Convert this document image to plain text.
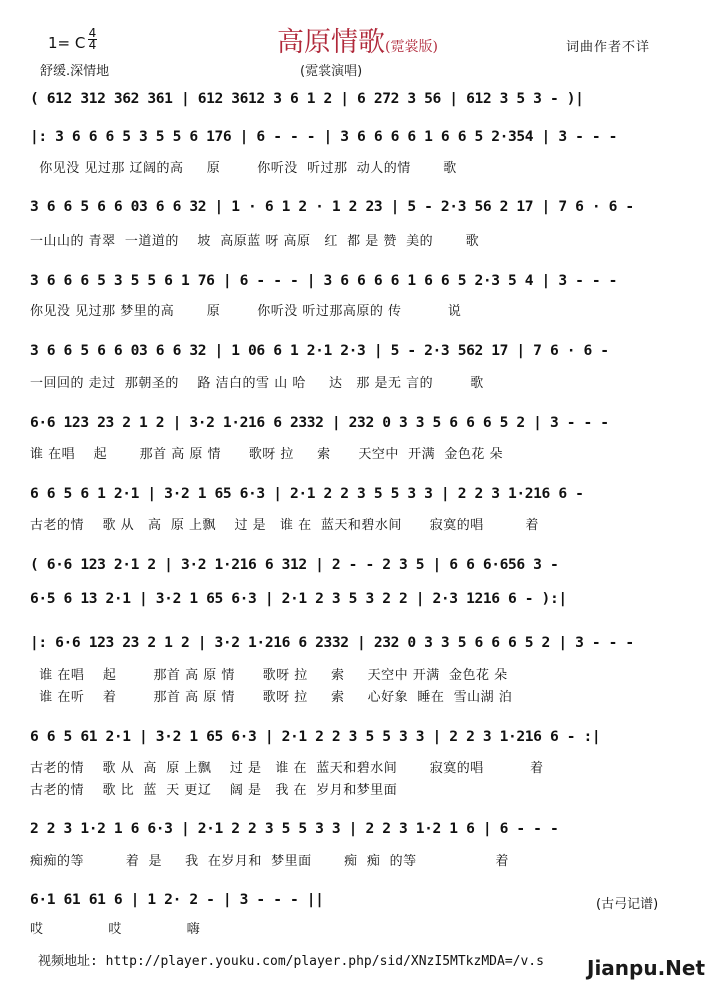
高原情歌(霓裳版)
(霓裳演唱)
1= C
4
4
舒缓.深情地
词曲作者不详
( 612 312 362 361 | 612 3612 3 6 1 2 | 6 272 3 56 | 612 3 5 3 - )|
|: 3 6 6 6 5 3 5 5 6 176 | 6 - - - | 3 6 6 6 6 1 6 6 5 2·354 | 3 - - -
你见没 见过那 辽阔的高     原        你听没  听过那  动人的情       歌
3 6 6 5 6 6 03 6 6 32 | 1 · 6 1 2 · 1 2 23 | 5 - 2·3 56 2 17 | 7 6 · 6 -
一山山的 青翠  一道道的    坡  高原蓝 呀 高原   红  都 是 赞  美的       歌
3 6 6 6 5 3 5 5 6 1 76 | 6 - - - | 3 6 6 6 6 1 6 6 5 2·3 5 4 | 3 - - -
你见没 见过那 梦里的高       原        你听没 听过那高原的 传          说
3 6 6 5 6 6 03 6 6 32 | 1 06 6 1 2·1 2·3 | 5 - 2·3 562 17 | 7 6 · 6 -
一回回的 走过  那朝圣的    路 洁白的雪 山 哈     达   那 是无 言的        歌
6·6 123 23 2 1 2 | 3·2 1·216 6 2332 | 232 0 3 3 5 6 6 6 5 2 | 3 - - -
谁 在唱    起       那首 高 原 情      歌呀 拉     索      天空中  开满  金色花 朵
6 6 5 6 1 2·1 | 3·2 1 65 6·3 | 2·1 2 2 3 5 5 3 3 | 2 2 3 1·216 6 -
古老的情    歌 从   高  原 上飘    过 是   谁 在  蓝天和碧水间      寂寞的唱         着
( 6·6 123 2·1 2 | 3·2 1·216 6 312 | 2 - - 2 3 5 | 6 6 6·656 3 -
6·5 6 13 2·1 | 3·2 1 65 6·3 | 2·1 2 3 5 3 2 2 | 2·3 1216 6 - ):|
|: 6·6 123 23 2 1 2 | 3·2 1·216 6 2332 | 232 0 3 3 5 6 6 6 5 2 | 3 - - -
谁 在唱    起        那首 高 原 情      歌呀 拉     索     天空中 开满  金色花 朵
谁 在听    着        那首 高 原 情      歌呀 拉     索     心好象  睡在  雪山湖 泊
6 6 5 61 2·1 | 3·2 1 65 6·3 | 2·1 2 2 3 5 5 3 3 | 2 2 3 1·216 6 - :|
古老的情    歌 从  高  原 上飘    过 是   谁 在  蓝天和碧水间       寂寞的唱          着
古老的情    歌 比  蓝  天 更辽    阔 是   我 在  岁月和梦里面
2 2 3 1·2 1 6 6·3 | 2·1 2 2 3 5 5 3 3 | 2 2 3 1·2 1 6 | 6 - - -
痴痴的等         着  是     我  在岁月和  梦里面       痴  痴  的等                 着
6·1 61 61 6 | 1 2· 2 - | 3 - - - ||
哎              哎              嗨
(古弓记谱)
视频地址: http://player.youku.com/player.php/sid/XNzI5MTkzMDA=/v.s Jianpu.Net
